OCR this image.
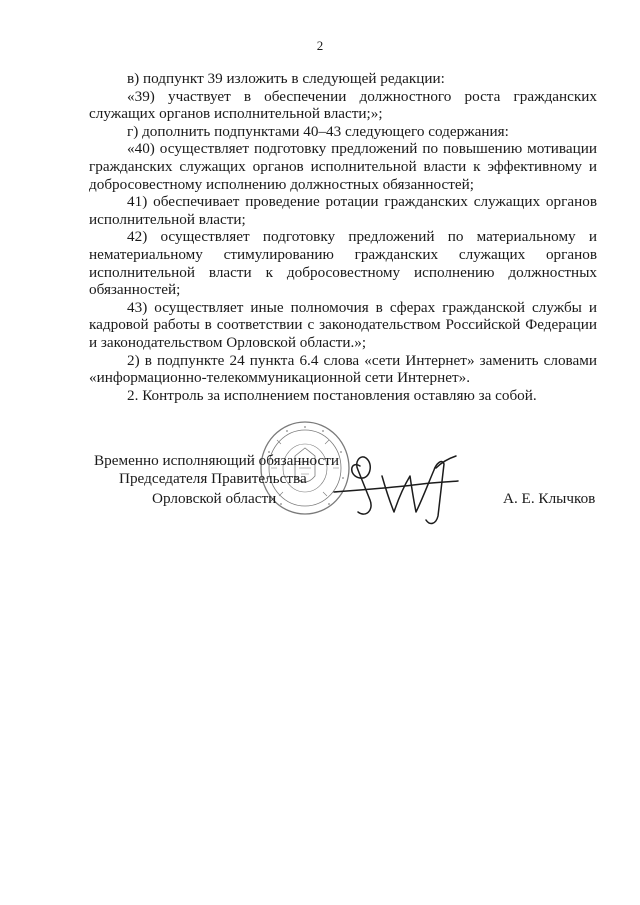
2

в) подпункт 39 изложить в следующей редакции:

«39) участвует в обеспечении должностного роста гражданских служащих органов исполнительной власти;»;

г) дополнить подпунктами 40–43 следующего содержания:

«40) осуществляет подготовку предложений по повышению мотивации гражданских служащих органов исполнительной власти к эффективному и добросовестному исполнению должностных обязанностей;

41) обеспечивает проведение ротации гражданских служащих органов исполнительной власти;

42) осуществляет подготовку предложений по материальному и нематериальному стимулированию гражданских служащих органов исполнительной власти к добросовестному исполнению должностных обязанностей;

43) осуществляет иные полномочия в сферах гражданской службы и кадровой работы в соответствии с законодательством Российской Федерации и законодательством Орловской области.»;

2) в подпункте 24 пункта 6.4 слова «сети Интернет» заменить словами «информационно-телекоммуникационной сети Интернет».

2. Контроль за исполнением постановления оставляю за собой.

Временно исполняющий обязанности
Председателя Правительства
Орловской области	А. Е. Клычков
